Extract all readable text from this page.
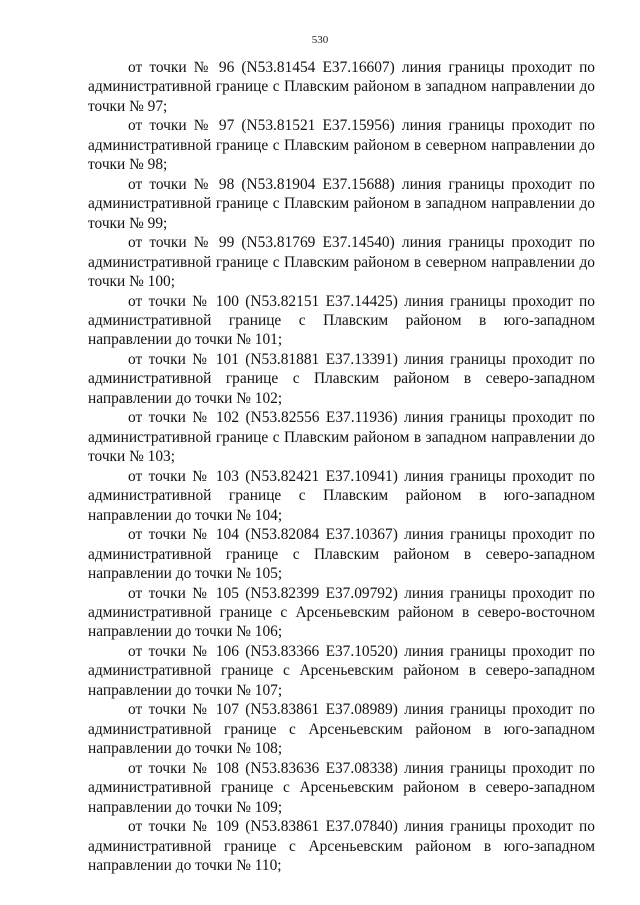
530

от точки № 96 (N53.81454 E37.16607) линия границы проходит по административной границе с Плавским районом в западном направлении до точки № 97;

от точки № 97 (N53.81521 E37.15956) линия границы проходит по административной границе с Плавским районом в северном направлении до точки № 98;

от точки № 98 (N53.81904 E37.15688) линия границы проходит по административной границе с Плавским районом в западном направлении до точки № 99;

от точки № 99 (N53.81769 E37.14540) линия границы проходит по административной границе с Плавским районом в северном направлении до точки № 100;

от точки № 100 (N53.82151 E37.14425) линия границы проходит по административной границе с Плавским районом в юго-западном направлении до точки № 101;

от точки № 101 (N53.81881 E37.13391) линия границы проходит по административной границе с Плавским районом в северо-западном направлении до точки № 102;

от точки № 102 (N53.82556 E37.11936) линия границы проходит по административной границе с Плавским районом в западном направлении до точки № 103;

от точки № 103 (N53.82421 E37.10941) линия границы проходит по административной границе с Плавским районом в юго-западном направлении до точки № 104;

от точки № 104 (N53.82084 E37.10367) линия границы проходит по административной границе с Плавским районом в северо-западном направлении до точки № 105;

от точки № 105 (N53.82399 E37.09792) линия границы проходит по административной границе с Арсеньевским районом в северо-восточном направлении до точки № 106;

от точки № 106 (N53.83366 E37.10520) линия границы проходит по административной границе с Арсеньевским районом в северо-западном направлении до точки № 107;

от точки № 107 (N53.83861 E37.08989) линия границы проходит по административной границе с Арсеньевским районом в юго-западном направлении до точки № 108;

от точки № 108 (N53.83636 E37.08338) линия границы проходит по административной границе с Арсеньевским районом в северо-западном направлении до точки № 109;

от точки № 109 (N53.83861 E37.07840) линия границы проходит по административной границе с Арсеньевским районом в юго-западном направлении до точки № 110;
